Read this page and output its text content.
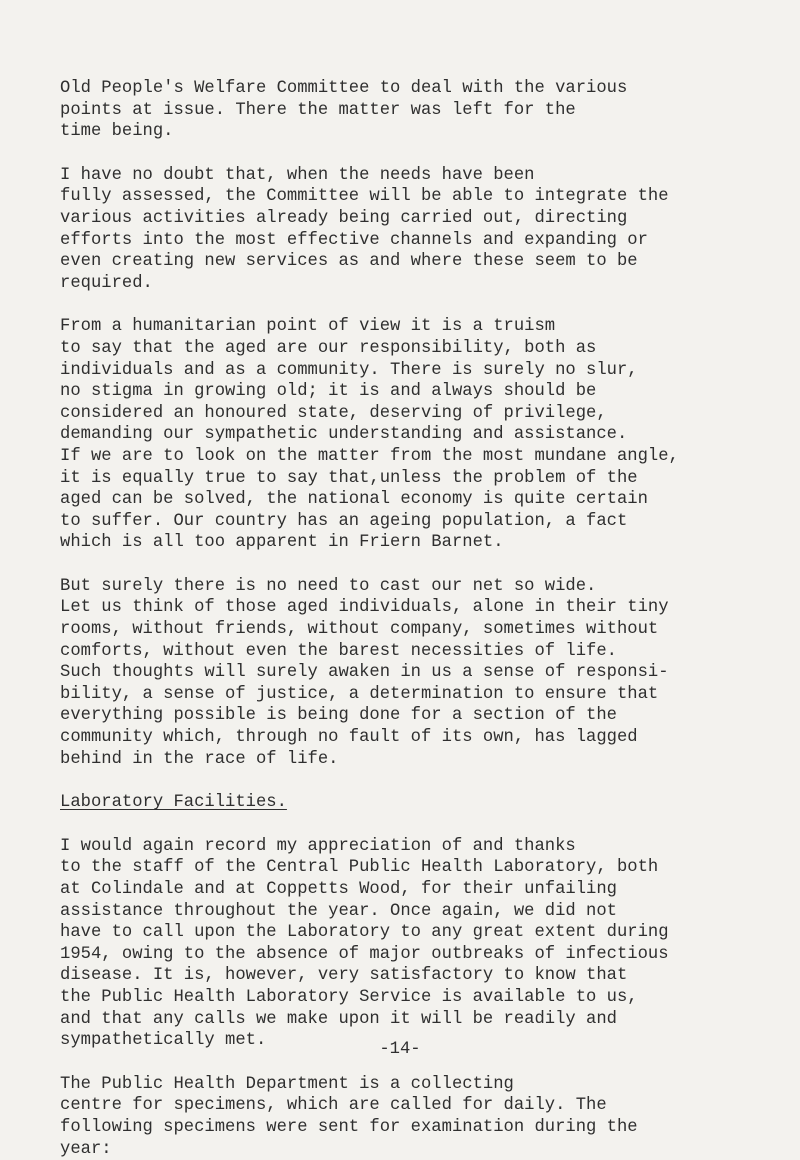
Old People's Welfare Committee to deal with the various
points at issue. There the matter was left for the
time being.

I have no doubt that, when the needs have been
fully assessed, the Committee will be able to integrate the
various activities already being carried out, directing
efforts into the most effective channels and expanding or
even creating new services as and where these seem to be
required.

From a humanitarian point of view it is a truism
to say that the aged are our responsibility, both as
individuals and as a community. There is surely no slur,
no stigma in growing old; it is and always should be
considered an honoured state, deserving of privilege,
demanding our sympathetic understanding and assistance.
If we are to look on the matter from the most mundane angle,
it is equally true to say that,unless the problem of the
aged can be solved, the national economy is quite certain
to suffer. Our country has an ageing population, a fact
which is all too apparent in Friern Barnet.

But surely there is no need to cast our net so wide.
Let us think of those aged individuals, alone in their tiny
rooms, without friends, without company, sometimes without
comforts, without even the barest necessities of life.
Such thoughts will surely awaken in us a sense of responsi-
bility, a sense of justice, a determination to ensure that
everything possible is being done for a section of the
community which, through no fault of its own, has lagged
behind in the race of life.

Laboratory Facilities.

I would again record my appreciation of and thanks
to the staff of the Central Public Health Laboratory, both
at Colindale and at Coppetts Wood, for their unfailing
assistance throughout the year. Once again, we did not
have to call upon the Laboratory to any great extent during
1954, owing to the absence of major outbreaks of infectious
disease. It is, however, very satisfactory to know that
the Public Health Laboratory Service is available to us,
and that any calls we make upon it will be readily and
sympathetically met.

The Public Health Department is a collecting
centre for specimens, which are called for daily. The
following specimens were sent for examination during the
year:

-14-
